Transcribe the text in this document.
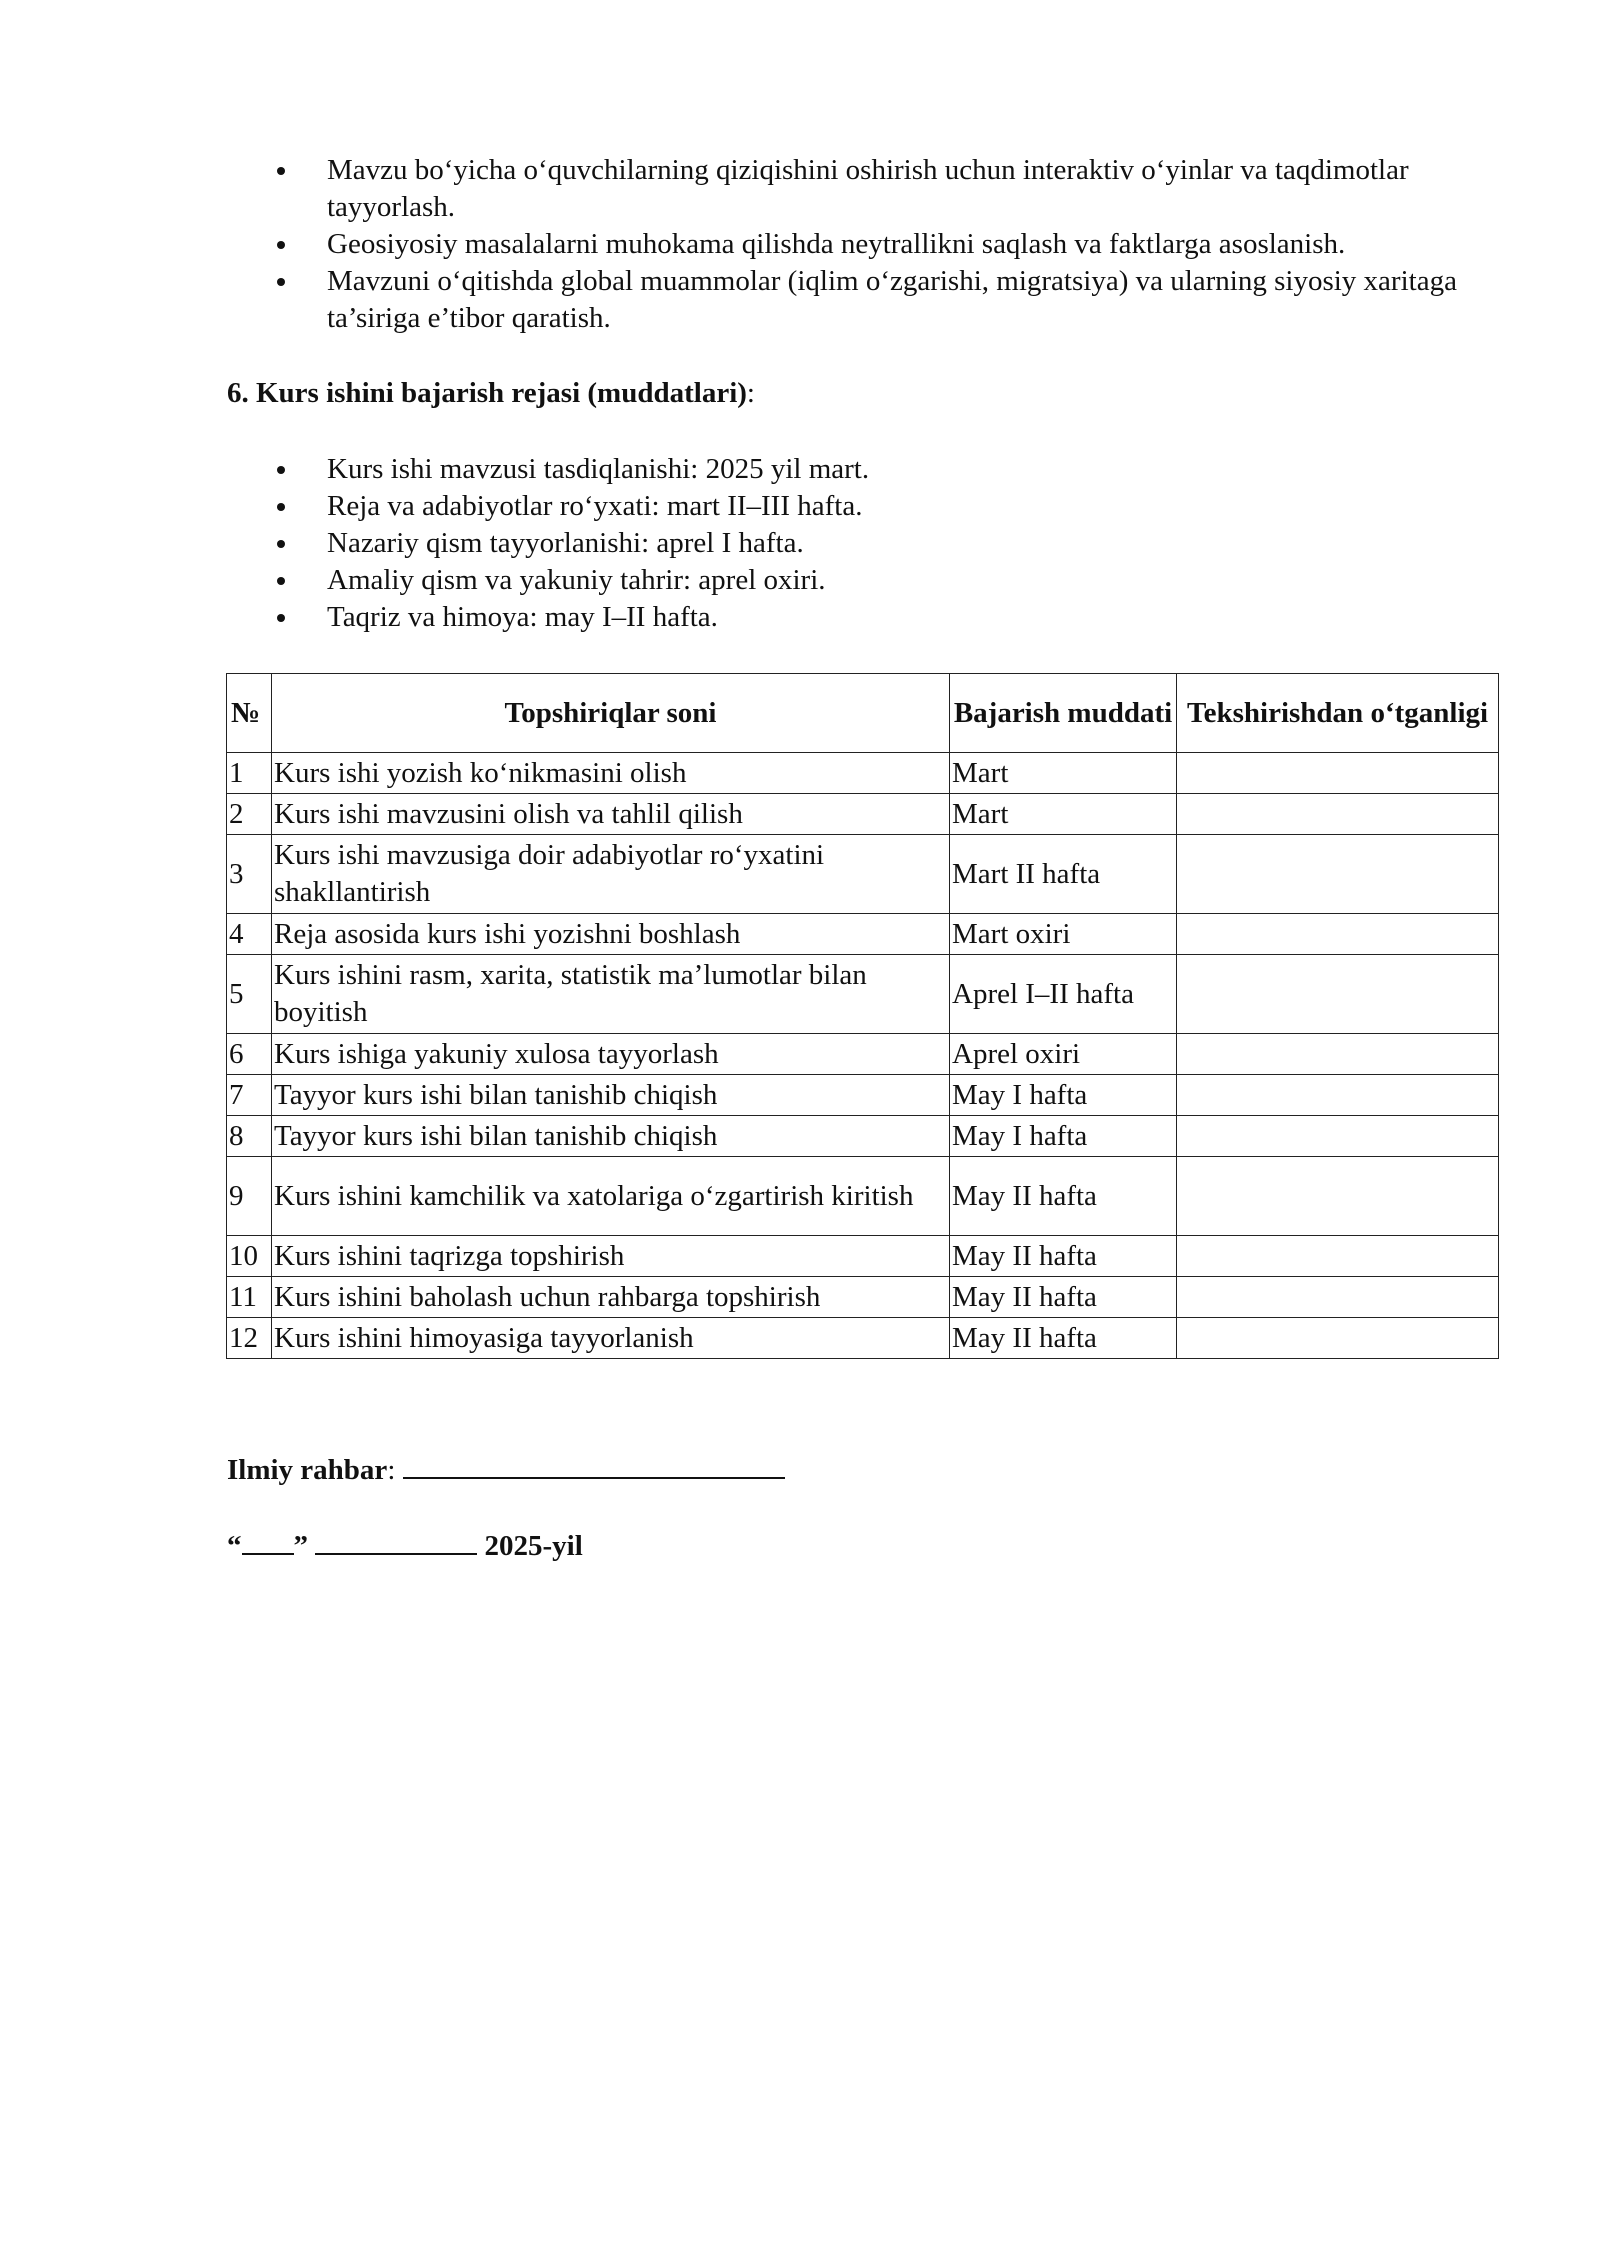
Mavzu bo‘yicha o‘quvchilarning qiziqishini oshirish uchun interaktiv o‘yinlar va taqdimotlar tayyorlash.
Geosiyosiy masalalarni muhokama qilishda neytrallikni saqlash va faktlarga asoslanish.
Mavzuni o‘qitishda global muammolar (iqlim o‘zgarishi, migratsiya) va ularning siyosiy xaritaga ta’siriga e’tibor qaratish.
6. Kurs ishini bajarish rejasi (muddatlari):
Kurs ishi mavzusi tasdiqlanishi: 2025 yil mart.
Reja va adabiyotlar ro‘yxati: mart II–III hafta.
Nazariy qism tayyorlanishi: aprel I hafta.
Amaliy qism va yakuniy tahrir: aprel oxiri.
Taqriz va himoya: may I–II hafta.
№	Topshiriqlar soni	Bajarish muddati	Tekshirishdan o‘tganligi
1	Kurs ishi yozish ko‘nikmasini olish	Mart	
2	Kurs ishi mavzusini olish va tahlil qilish	Mart	
3	Kurs ishi mavzusiga doir adabiyotlar ro‘yxatini shakllantirish	Mart II hafta	
4	Reja asosida kurs ishi yozishni boshlash	Mart oxiri	
5	Kurs ishini rasm, xarita, statistik ma’lumotlar bilan boyitish	Aprel I–II hafta	
6	Kurs ishiga yakuniy xulosa tayyorlash	Aprel oxiri	
7	Tayyor kurs ishi bilan tanishib chiqish	May I hafta	
8	Tayyor kurs ishi bilan tanishib chiqish	May I hafta	
9	Kurs ishini kamchilik va xatolariga o‘zgartirish kiritish	May II hafta	
10	Kurs ishini taqrizga topshirish	May II hafta	
11	Kurs ishini baholash uchun rahbarga topshirish	May II hafta	
12	Kurs ishini himoyasiga tayyorlanish	May II hafta	
Ilmiy rahbar:
“ ”	2025-yil
